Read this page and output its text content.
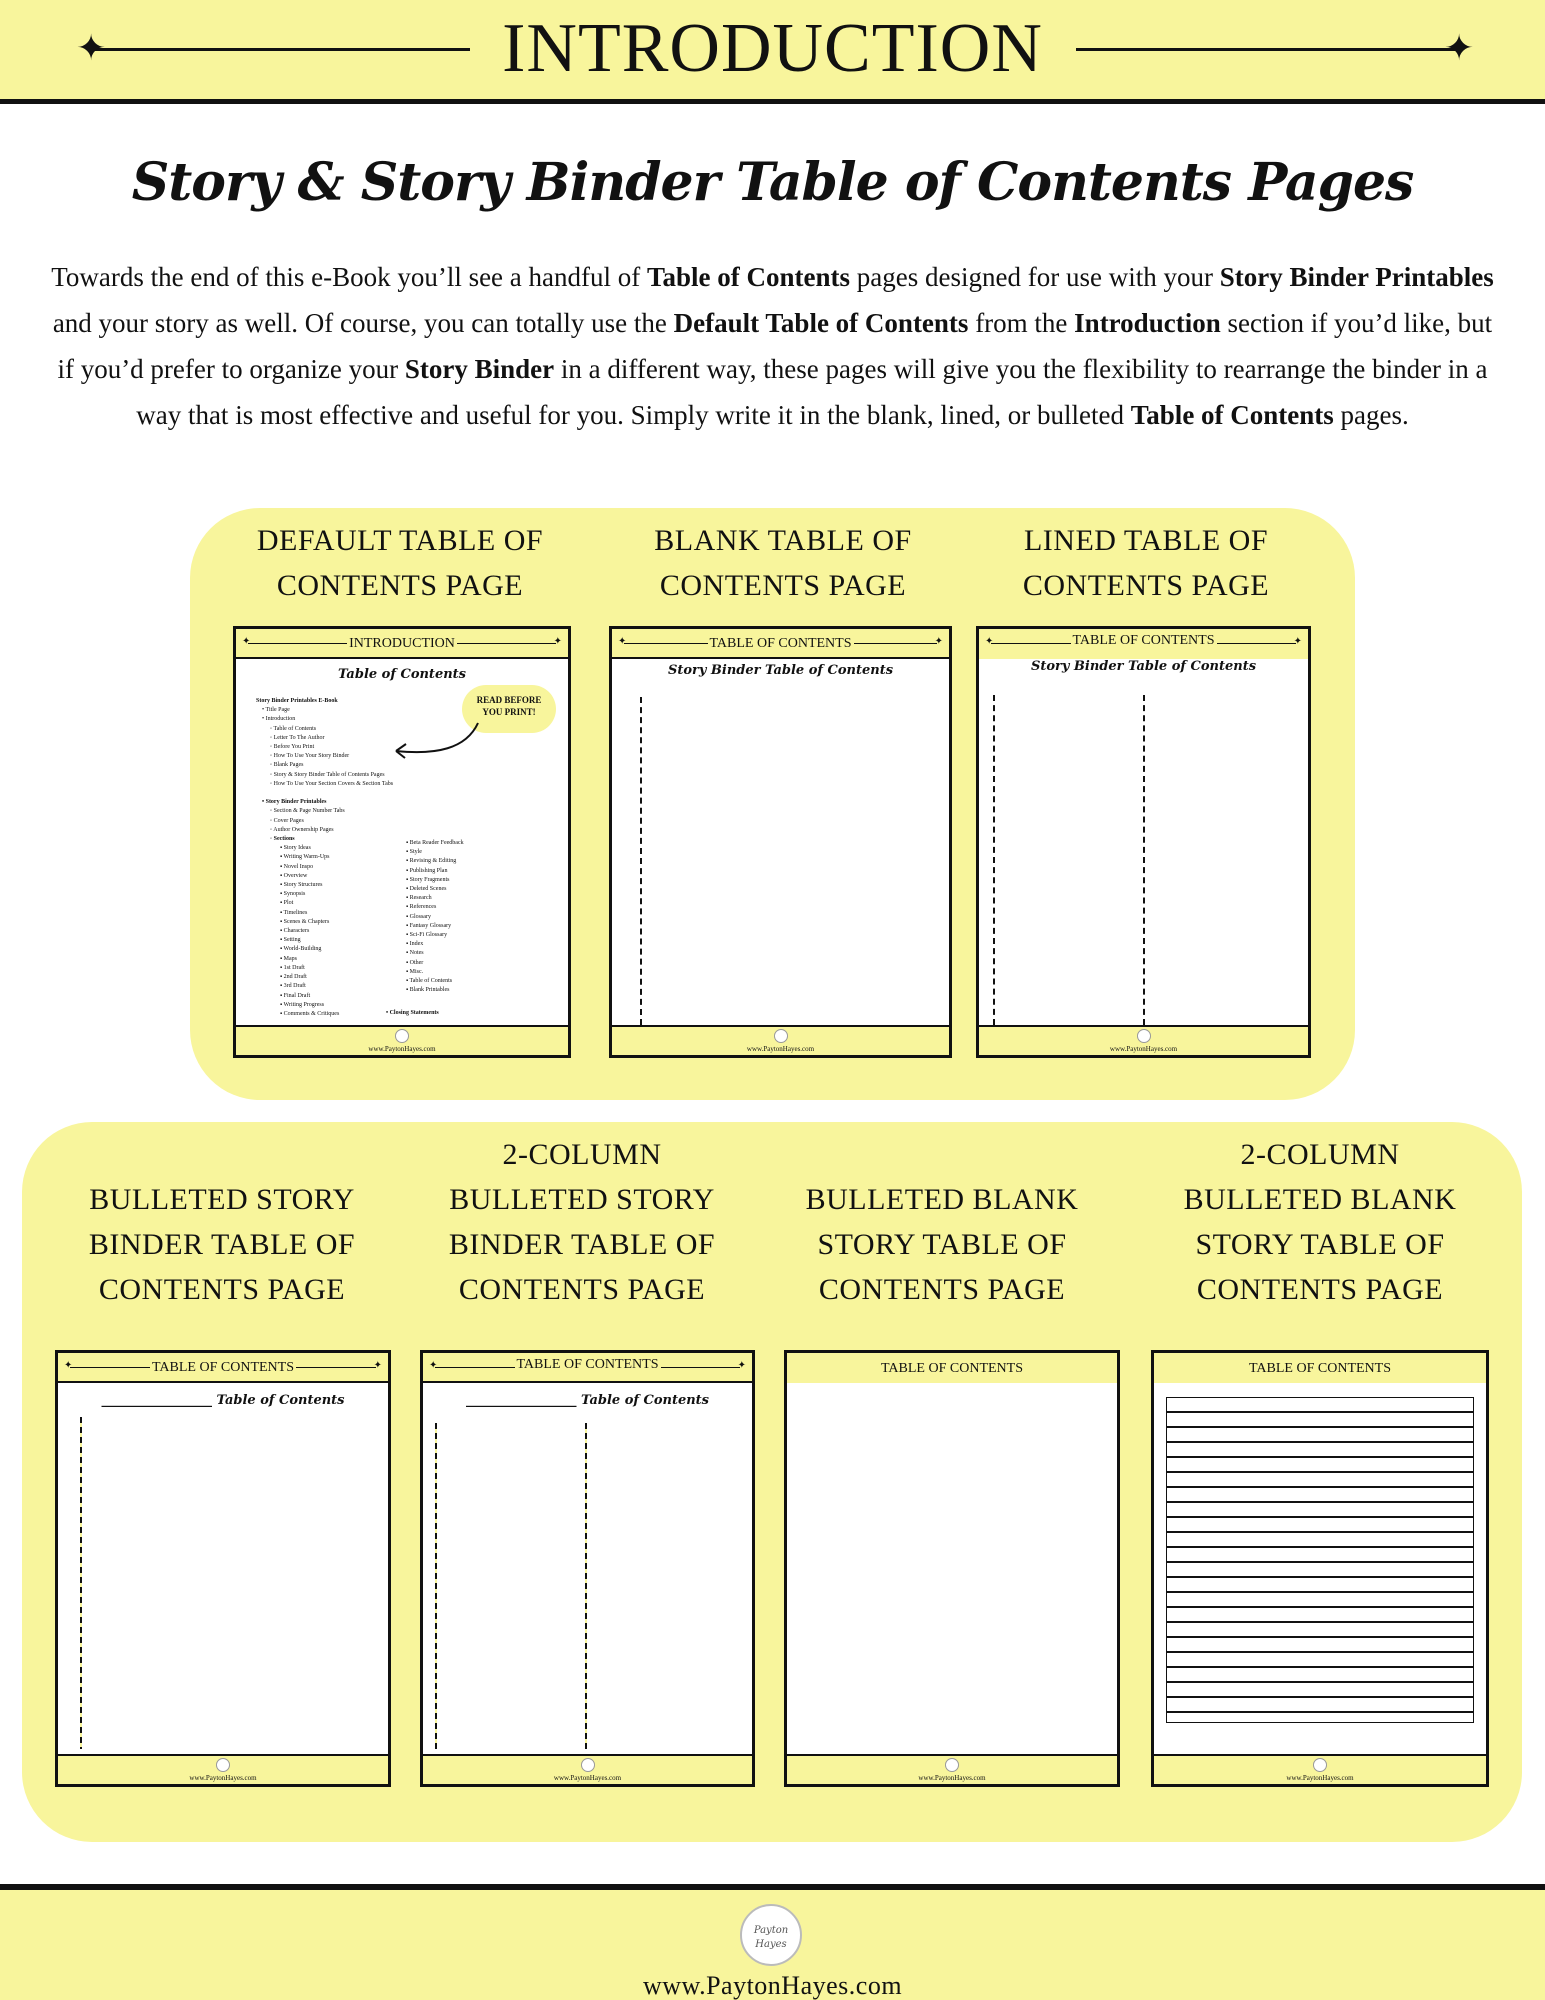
✦	✦
INTRODUCTION
Story & Story Binder Table of Contents Pages
Towards the end of this e-Book you’ll see a handful of Table of Contents pages designed for use with your Story Binder Printables and your story as well. Of course, you can totally use the Default Table of Contents from the Introduction section if you’d like, but if you’d prefer to organize your Story Binder in a different way, these pages will give you the flexibility to rearrange the binder in a way that is most effective and useful for you. Simply write it in the blank, lined, or bulleted Table of Contents pages.
DEFAULT TABLE OF
CONTENTS PAGE
BLANK TABLE OF
CONTENTS PAGE
LINED TABLE OF
CONTENTS PAGE
✦	✦
INTRODUCTION
Table of Contents
READ BEFORE
YOU PRINT!
Story Binder Printables E-Book
• Title Page
• Introduction
◦ Table of Contents
◦ Letter To The Author
◦ Before You Print
◦ How To Use Your Story Binder
◦ Blank Pages
◦ Story & Story Binder Table of Contents Pages
◦ How To Use Your Section Covers & Section Tabs

• Story Binder Printables
◦ Section & Page Number Tabs
◦ Cover Pages
◦ Author Ownership Pages
◦ Sections
▪ Story Ideas
▪ Writing Warm-Ups
▪ Novel Inspo
▪ Overview
▪ Story Structures
▪ Synopsis
▪ Plot
▪ Timelines
▪ Scenes & Chapters
▪ Characters
▪ Setting
▪ World-Building
▪ Maps
▪ 1st Draft
▪ 2nd Draft
▪ 3rd Draft
▪ Final Draft
▪ Writing Progress
▪ Comments & Critiques
▪ Beta Reader Feedback
▪ Style
▪ Revising & Editing
▪ Publishing Plan
▪ Story Fragments
▪ Deleted Scenes
▪ Research
▪ References
▪ Glossary
▪ Fantasy Glossary
▪ Sci-Fi Glossary
▪ Index
▪ Notes
▪ Other
▪ Misc.
▪ Table of Contents
▪ Blank Printables
• Closing Statements
www.PaytonHayes.com
✦	✦
TABLE OF CONTENTS
Story Binder Table of Contents
www.PaytonHayes.com
✦	✦
TABLE OF CONTENTS
Story Binder Table of Contents
www.PaytonHayes.com
BULLETED STORY
BINDER TABLE OF
CONTENTS PAGE
2-COLUMN
BULLETED STORY
BINDER TABLE OF
CONTENTS PAGE
BULLETED BLANK
STORY TABLE OF
CONTENTS PAGE
2-COLUMN
BULLETED BLANK
STORY TABLE OF
CONTENTS PAGE
✦	✦
TABLE OF CONTENTS
_________________ Table of Contents
www.PaytonHayes.com
✦	✦
TABLE OF CONTENTS
_________________ Table of Contents
www.PaytonHayes.com
TABLE OF CONTENTS
www.PaytonHayes.com
TABLE OF CONTENTS
www.PaytonHayes.com
Payton Hayes
www.PaytonHayes.com
